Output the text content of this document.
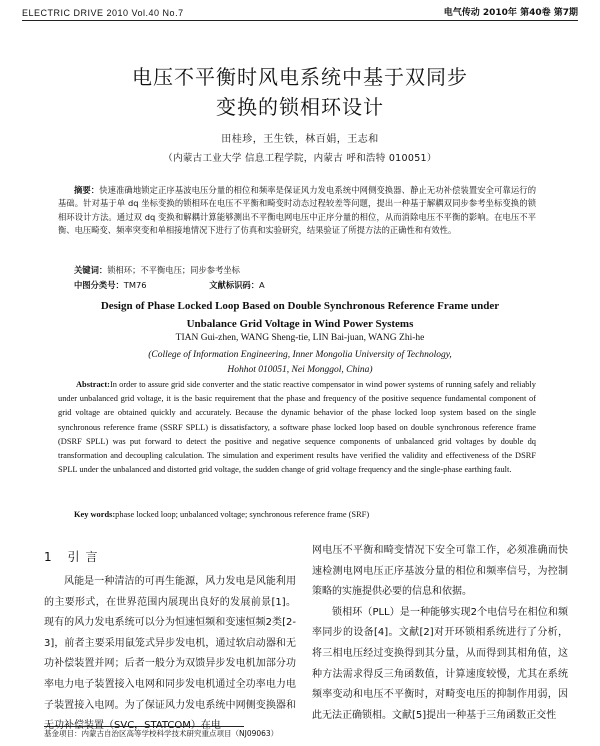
ELECTRIC DRIVE 2010 Vol.40 No.7	电气传动 2010年 第40卷 第7期
电压不平衡时风电系统中基于双同步
变换的锁相环设计
田桂珍，王生铁，林百娟，王志和
（内蒙古工业大学 信息工程学院，内蒙古 呼和浩特 010051）
摘要：快速准确地锁定正序基波电压分量的相位和频率是保证风力发电系统中网侧变换器、静止无功补偿装置安全可靠运行的基础。针对基于单 dq 坐标变换的锁相环在电压不平衡和畸变时动态过程较差等问题，提出一种基于解耦双同步参考坐标变换的锁相环设计方法。通过双 dq 变换和解耦计算能够测出不平衡电网电压中正序分量的相位，从而消除电压不平衡的影响。在电压不平衡、电压畸变、频率突变和单相接地情况下进行了仿真和实验研究，结果验证了所提方法的正确性和有效性。
关键词：锁相环；不平衡电压；同步参考坐标
中图分类号：TM76	文献标识码：A
Design of Phase Locked Loop Based on Double Synchronous Reference Frame under
Unbalance Grid Voltage in Wind Power Systems
TIAN Gui-zhen, WANG Sheng-tie, LIN Bai-juan, WANG Zhi-he
(College of Information Engineering, Inner Mongolia University of Technology,
Hohhot 010051, Nei Monggol, China)
Abstract:In order to assure grid side converter and the static reactive compensator in wind power systems of running safely and reliably under unbalanced grid voltage, it is the basic requirement that the phase and frequency of the positive sequence fundamental component of grid voltage are obtained quickly and accurately. Because the dynamic behavior of the phase locked loop system based on the single synchronous reference frame (SSRF SPLL) is dissatisfactory, a software phase locked loop based on double synchronous reference frame (DSRF SPLL) was put forward to detect the positive and negative sequence components of unbalanced grid voltages by double dq transformation and decoupling calculation. The simulation and experiment results have verified the validity and effectiveness of the DSRF SPLL under the unbalanced and distorted grid voltage, the sudden change of grid voltage frequency and the single-phase earthing fault.
Key words:phase locked loop; unbalanced voltage; synchronous reference frame (SRF)
1 引言
风能是一种清洁的可再生能源，风力发电是风能利用的主要形式，在世界范围内展现出良好的发展前景[1]。现有的风力发电系统可以分为恒速恒频和变速恒频2类[2-3]，前者主要采用鼠笼式异步发电机，通过软启动器和无功补偿装置并网；后者一般分为双馈异步发电机加部分功率电力电子装置接入电网和同步发电机通过全功率电力电子装置接入电网。为了保证风力发电系统中网侧变换器和无功补偿装置（SVC，STATCOM）在电

网电压不平衡和畸变情况下安全可靠工作，必须准确而快速检测电网电压正序基波分量的相位和频率信号，为控制策略的实施提供必要的信息和依据。

锁相环（PLL）是一种能够实现2个电信号在相位和频率同步的设备[4]。文献[2]对开环锁相系统进行了分析，将三相电压经过变换得到其分量，从而得到其相角值，这种方法需求得反三角函数值，计算速度较慢，尤其在系统频率变动和电压不平衡时，对畸变电压的抑制作用弱，因此无法正确锁相。文献[5]提出一种基于三角函数正交性

基金项目：内蒙古自治区高等学校科学技术研究重点项目（NJ09063）
